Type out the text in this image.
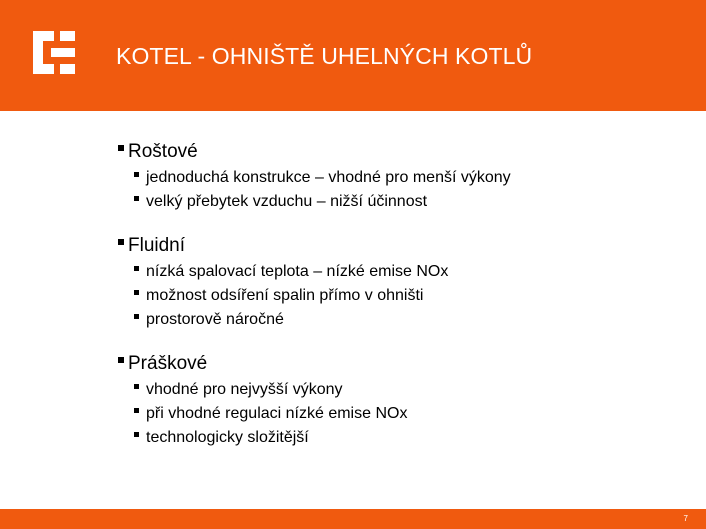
KOTEL - OHNIŠTĚ UHELNÝCH KOTLŮ
Roštové
jednoduchá konstrukce – vhodné pro menší výkony
velký přebytek vzduchu – nižší účinnost
Fluidní
nízká spalovací teplota – nízké emise NOx
možnost odsíření spalin přímo v ohništi
prostorově náročné
Práškové
vhodné pro nejvyšší výkony
při vhodné regulaci nízké emise NOx
technologicky složitější
7
